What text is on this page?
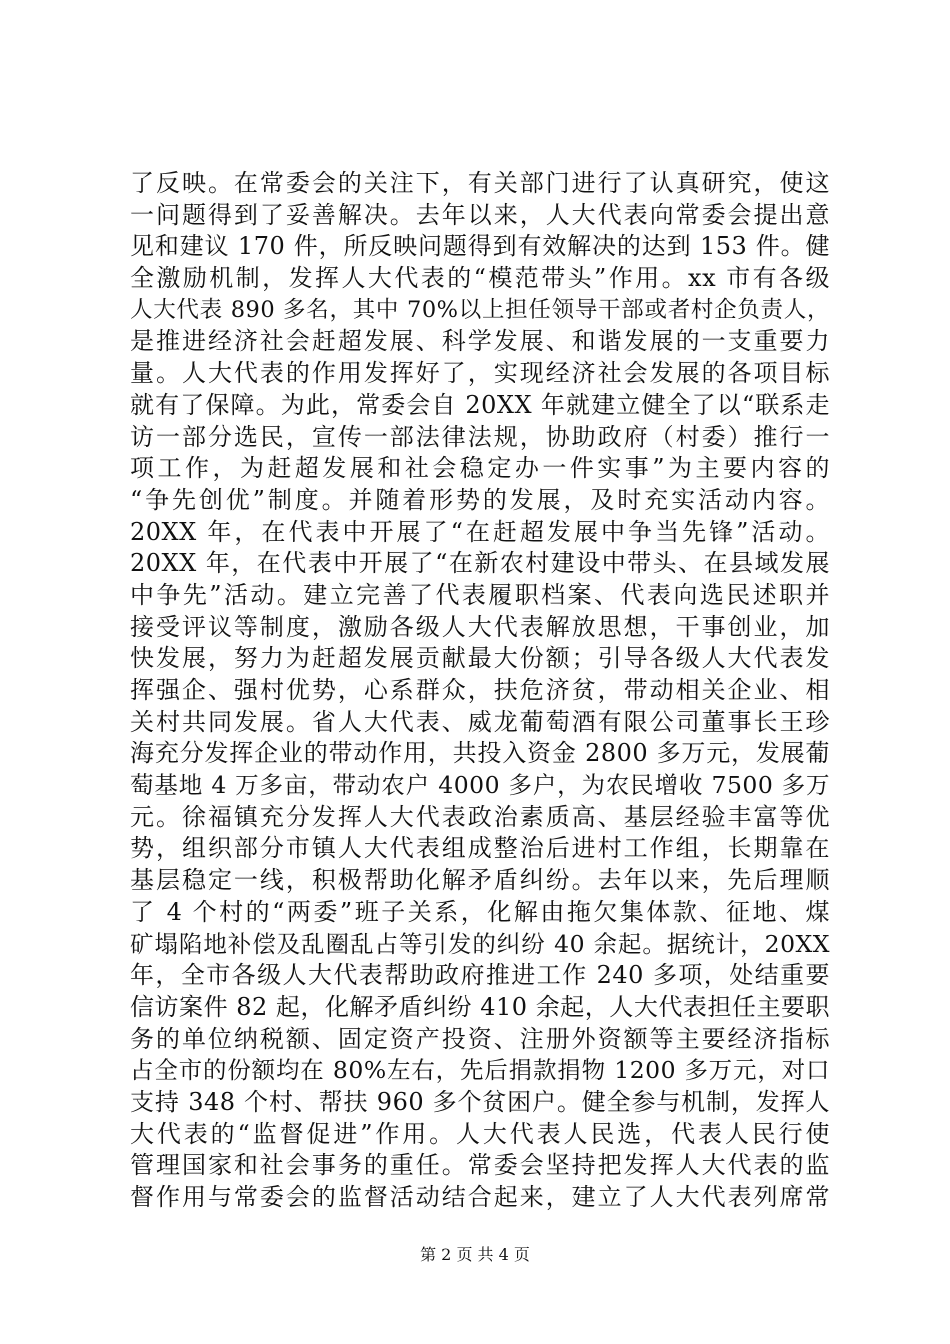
了反映。在常委会的关注下，有关部门进行了认真研究，使这
一问题得到了妥善解决。去年以来，人大代表向常委会提出意
见和建议 170 件，所反映问题得到有效解决的达到 153 件。健
全激励机制，发挥人大代表的“模范带头”作用。xx 市有各级
人大代表 890 多名，其中 70%以上担任领导干部或者村企负责人，
是推进经济社会赶超发展、科学发展、和谐发展的一支重要力
量。人大代表的作用发挥好了，实现经济社会发展的各项目标
就有了保障。为此，常委会自 20XX 年就建立健全了以“联系走
访一部分选民，宣传一部法律法规，协助政府（村委）推行一
项工作，为赶超发展和社会稳定办一件实事”为主要内容的
“争先创优”制度。并随着形势的发展，及时充实活动内容。
20XX 年，在代表中开展了“在赶超发展中争当先锋”活动。
20XX 年，在代表中开展了“在新农村建设中带头、在县域发展
中争先”活动。建立完善了代表履职档案、代表向选民述职并
接受评议等制度，激励各级人大代表解放思想，干事创业，加
快发展，努力为赶超发展贡献最大份额；引导各级人大代表发
挥强企、强村优势，心系群众，扶危济贫，带动相关企业、相
关村共同发展。省人大代表、威龙葡萄酒有限公司董事长王珍
海充分发挥企业的带动作用，共投入资金 2800 多万元，发展葡
萄基地 4 万多亩，带动农户 4000 多户，为农民增收 7500 多万
元。徐福镇充分发挥人大代表政治素质高、基层经验丰富等优
势，组织部分市镇人大代表组成整治后进村工作组，长期靠在
基层稳定一线，积极帮助化解矛盾纠纷。去年以来，先后理顺
了 4 个村的“两委”班子关系，化解由拖欠集体款、征地、煤
矿塌陷地补偿及乱圈乱占等引发的纠纷 40 余起。据统计，20XX
年，全市各级人大代表帮助政府推进工作 240 多项，处结重要
信访案件 82 起，化解矛盾纠纷 410 余起，人大代表担任主要职
务的单位纳税额、固定资产投资、注册外资额等主要经济指标
占全市的份额均在 80%左右，先后捐款捐物 1200 多万元，对口
支持 348 个村、帮扶 960 多个贫困户。健全参与机制，发挥人
大代表的“监督促进”作用。人大代表人民选，代表人民行使
管理国家和社会事务的重任。常委会坚持把发挥人大代表的监
督作用与常委会的监督活动结合起来，建立了人大代表列席常
第 2 页 共 4 页
